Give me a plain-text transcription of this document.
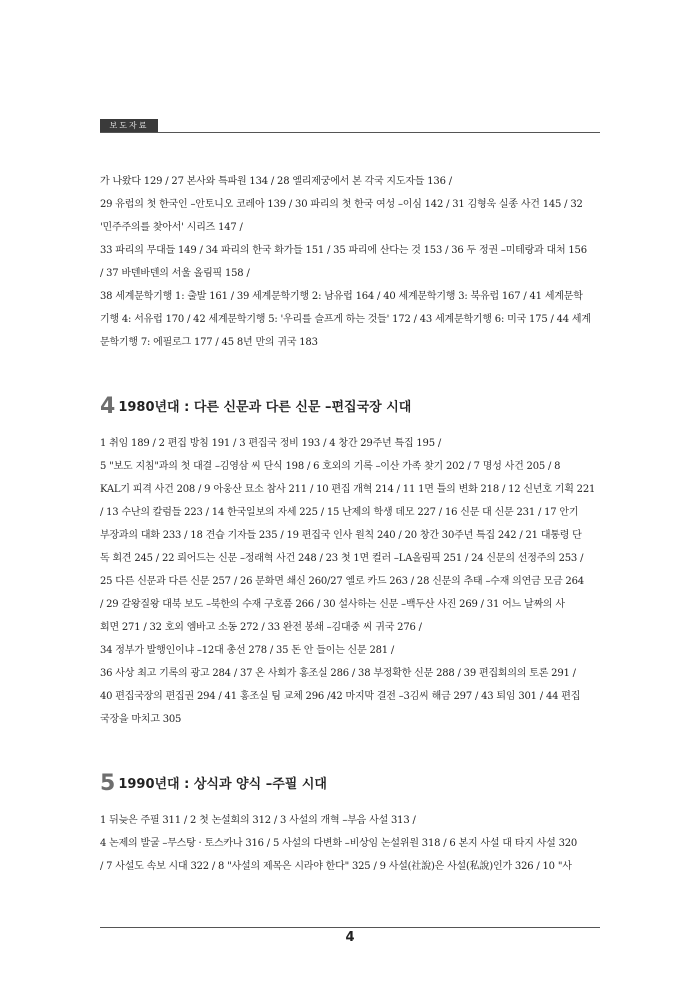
보도자료
가 나왔다 129 / 27 본사와 특파원 134 / 28 엘리제궁에서 본 각국 지도자들 136 /
29 유럽의 첫 한국인 –안토니오 코레아 139 / 30 파리의 첫 한국 여성 –이심 142 / 31 김형욱 실종 사건 145 / 32
'민주주의를 찾아서' 시리즈 147 /
33 파리의 무대들 149 / 34 파리의 한국 화가들 151 / 35 파리에 산다는 것 153 / 36 두 정권 –미테랑과 대처 156
/ 37 바덴바덴의 서울 올림픽 158 /
38 세계문학기행 1: 출발 161 / 39 세계문학기행 2: 남유럽 164 / 40 세계문학기행 3: 북유럽 167 / 41 세계문학
기행 4: 서유럽 170 / 42 세계문학기행 5: '우리를 슬프게 하는 것들' 172 / 43 세계문학기행 6: 미국 175 / 44 세계
문학기행 7: 에필로그 177 / 45 8년 만의 귀국 183
4 1980년대 : 다른 신문과 다른 신문 –편집국장 시대
1 취임 189 / 2 편집 방침 191 / 3 편집국 정비 193 / 4 창간 29주년 특집 195 /
5 "보도 지침"과의 첫 대결 –김영삼 씨 단식 198 / 6 호외의 기록 –이산 가족 찾기 202 / 7 명성 사건 205 / 8
KAL기 피격 사건 208 / 9 아웅산 묘소 참사 211 / 10 편집 개혁 214 / 11 1면 틀의 변화 218 / 12 신년호 기획 221
/ 13 수난의 칼럼들 223 / 14 한국일보의 자세 225 / 15 난제의 학생 데모 227 / 16 신문 대 신문 231 / 17 안기
부장과의 대화 233 / 18 견습 기자들 235 / 19 편집국 인사 원칙 240 / 20 창간 30주년 특집 242 / 21 대통령 단
독 회견 245 / 22 뢰어드는 신문 –정래혁 사건 248 / 23 첫 1면 컬러 –LA올림픽 251 / 24 신문의 선정주의 253 /
25 다른 신문과 다른 신문 257 / 26 문화면 쇄신 260/27 엘로 카드 263 / 28 신문의 추태 –수재 의연금 모금 264
/ 29 갈왕질왕 대북 보도 –북한의 수재 구호품 266 / 30 설사하는 신문 –백두산 사진 269 / 31 어느 날짜의 사
회면 271 / 32 호외 엠바고 소동 272 / 33 완전 봉쇄 –김대중 씨 귀국 276 /
34 정부가 발행인이냐 –12대 총선 278 / 35 돈 안 들이는 신문 281 /
36 사상 최고 기록의 광고 284 / 37 온 사회가 홍조실 286 / 38 부정확한 신문 288 / 39 편집회의의 토론 291 /
40 편집국장의 편집권 294 / 41 홍조실 팀 교체 296 /42 마지막 결전 –3김씨 해금 297 / 43 퇴임 301 / 44 편집
국장을 마치고 305
5 1990년대 : 상식과 양식 –주필 시대
1 뒤늦은 주필 311 / 2 첫 논설회의 312 / 3 사설의 개혁 –부음 사설 313 /
4 논제의 발굴 –무스탕 · 토스카나 316 / 5 사설의 다변화 –비상임 논설위원 318 / 6 본지 사설 대 타지 사설 320
/ 7 사설도 속보 시대 322 / 8 "사설의 제목은 시라야 한다" 325 / 9 사설(社說)은 사설(私說)인가 326 / 10 "사
4
